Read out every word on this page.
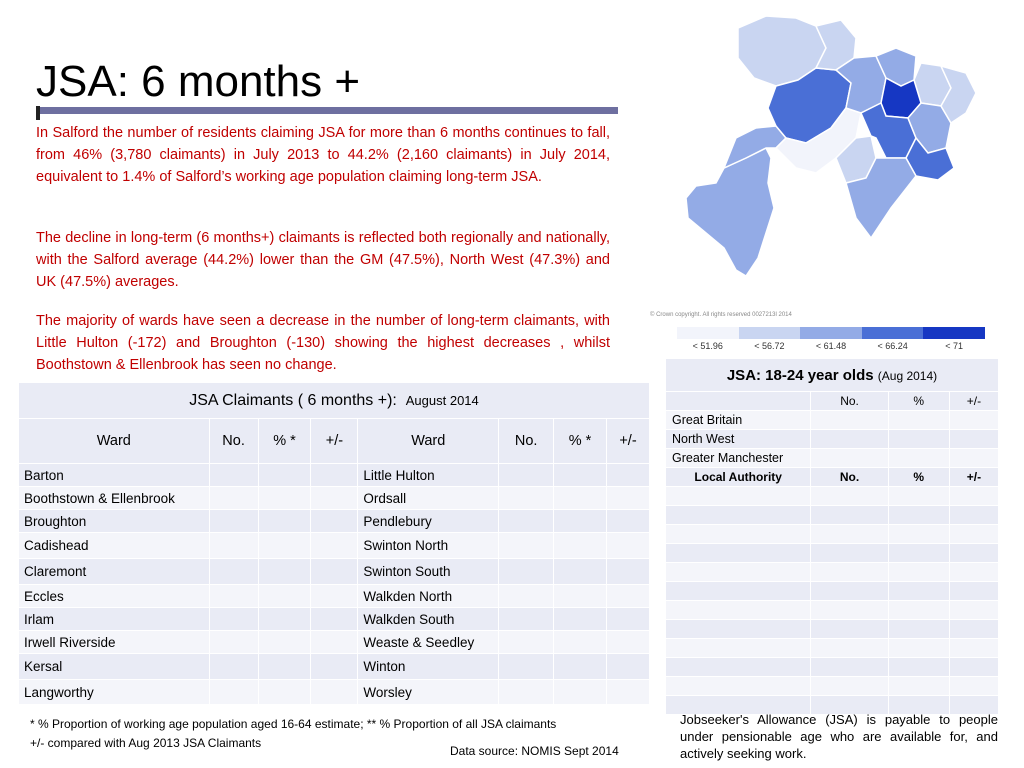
JSA: 6 months +
In Salford the number of residents claiming JSA for more than 6 months continues to fall, from 46% (3,780 claimants) in July 2013 to 44.2% (2,160 claimants) in July 2014, equivalent to 1.4% of Salford’s working age population claiming long-term JSA.
The decline in long-term (6 months+) claimants is reflected both regionally and nationally, with the Salford average (44.2%) lower than the GM (47.5%), North West (47.3%) and UK (47.5%) averages.
The majority of wards have seen a decrease in the number of long-term claimants, with Little Hulton (-172) and Broughton (-130) showing the highest decreases , whilst Boothstown & Ellenbrook has seen no change.
© Crown copyright. All rights reserved 0027213l 2014
< 51.96	< 56.72	< 61.48	< 66.24	< 71
JSA Claimants ( 6 months +): August 2014							
Ward	No.	% *	+/-	Ward	No.	% *	+/-
Barton				Little Hulton			
Boothstown & Ellenbrook				Ordsall			
Broughton				Pendlebury			
Cadishead				Swinton North			
Claremont				Swinton South			
Eccles				Walkden North			
Irlam				Walkden South			
Irwell Riverside				Weaste & Seedley			
Kersal				Winton			
Langworthy				Worsley			
JSA: 18-24 year olds (Aug 2014)			
	No.	%	+/-
Great Britain			
North West			
Greater Manchester			
Local Authority	No.	%	+/-

* % Proportion of working age population aged 16-64 estimate; ** % Proportion of all JSA claimants
+/- compared with Aug 2013 JSA Claimants
Data source: NOMIS Sept 2014
Jobseeker's Allowance (JSA) is payable to people under pensionable age who are available for, and actively seeking work.
